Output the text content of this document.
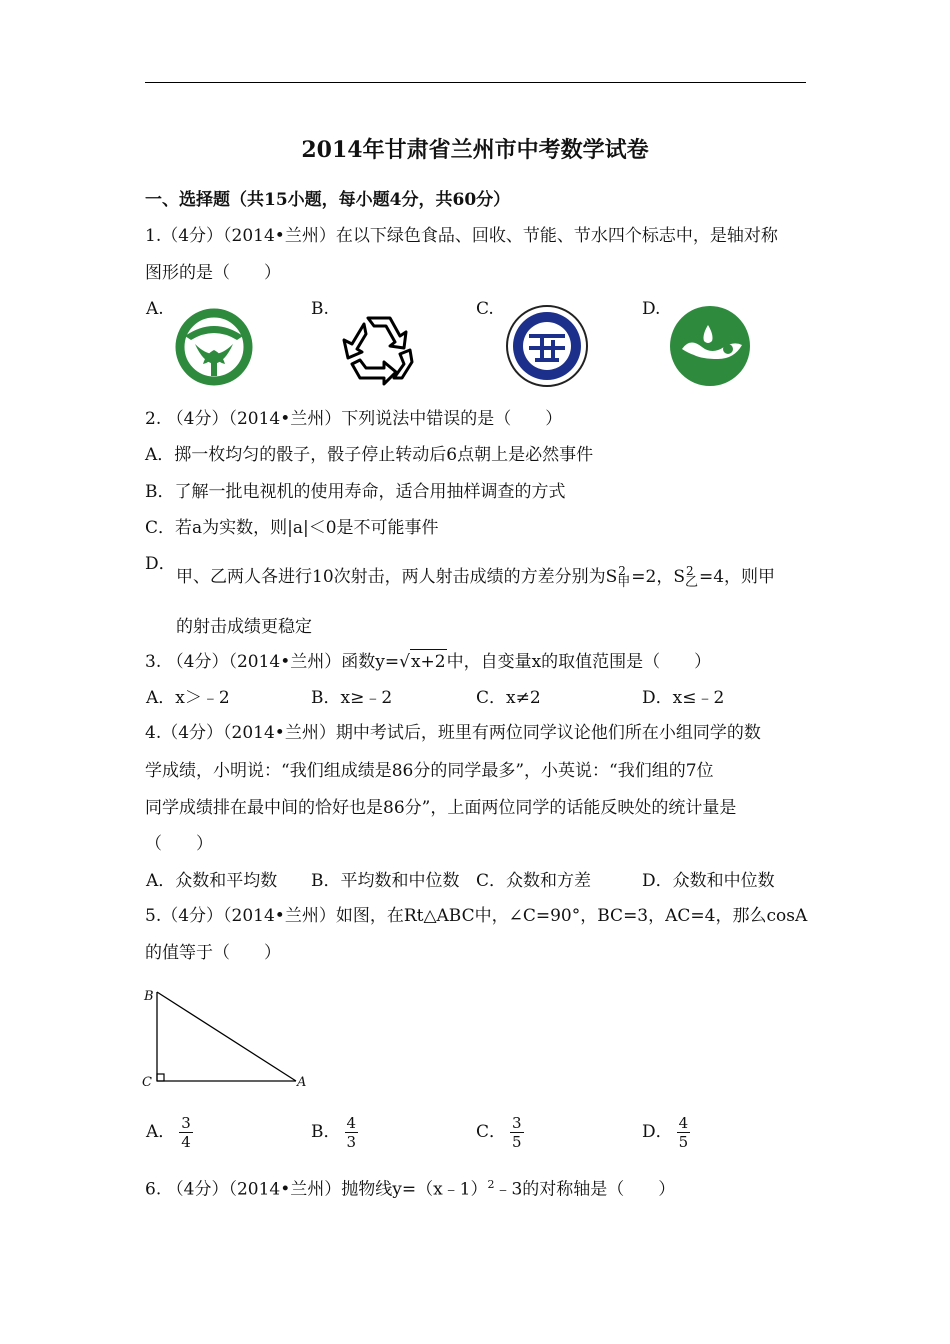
2014年甘肃省兰州市中考数学试卷
一、选择题（共15小题，每小题4分，共60分）
1.（4分）（2014•兰州）在以下绿色食品、回收、节能、节水四个标志中，是轴对称
图形的是（　　）
A.	B.	C.	D.
2. （4分）（2014•兰州）下列说法中错误的是（　　）
A．掷一枚均匀的骰子，骰子停止转动后6点朝上是必然事件
B．了解一批电视机的使用寿命，适合用抽样调查的方式
C．若a为实数，则|a|＜0是不可能事件
D．
甲、乙两人各进行10次射击，两人射击成绩的方差分别为S 2
甲 =2，S 2
乙 =4，则甲
的射击成绩更稳定
3. （4分）（2014•兰州）函数y=√x+2中，自变量x的取值范围是（　　）
A．x＞﹣2	B．x≥﹣2	C．x≠2	D．x≤﹣2
4.（4分）（2014•兰州）期中考试后，班里有两位同学议论他们所在小组同学的数
学成绩，小明说：“我们组成绩是86分的同学最多”，小英说：“我们组的7位
同学成绩排在最中间的恰好也是86分”，上面两位同学的话能反映处的统计量是
（　　）
A．众数和平均数 B．平均数和中位数 C．众数和方差	D．众数和中位数
5.（4分）（2014•兰州）如图，在Rt△ABC中，∠C=90°，BC=3，AC=4，那么cosA
的值等于（　　）
B
C	A
A． $\frac{3}{4}$	B． $\frac{4}{3}$	C． $\frac{3}{5}$	D． $\frac{4}{5}$
6. （4分）（2014•兰州）抛物线y=（x﹣1）$^2$﹣3的对称轴是（　　）
